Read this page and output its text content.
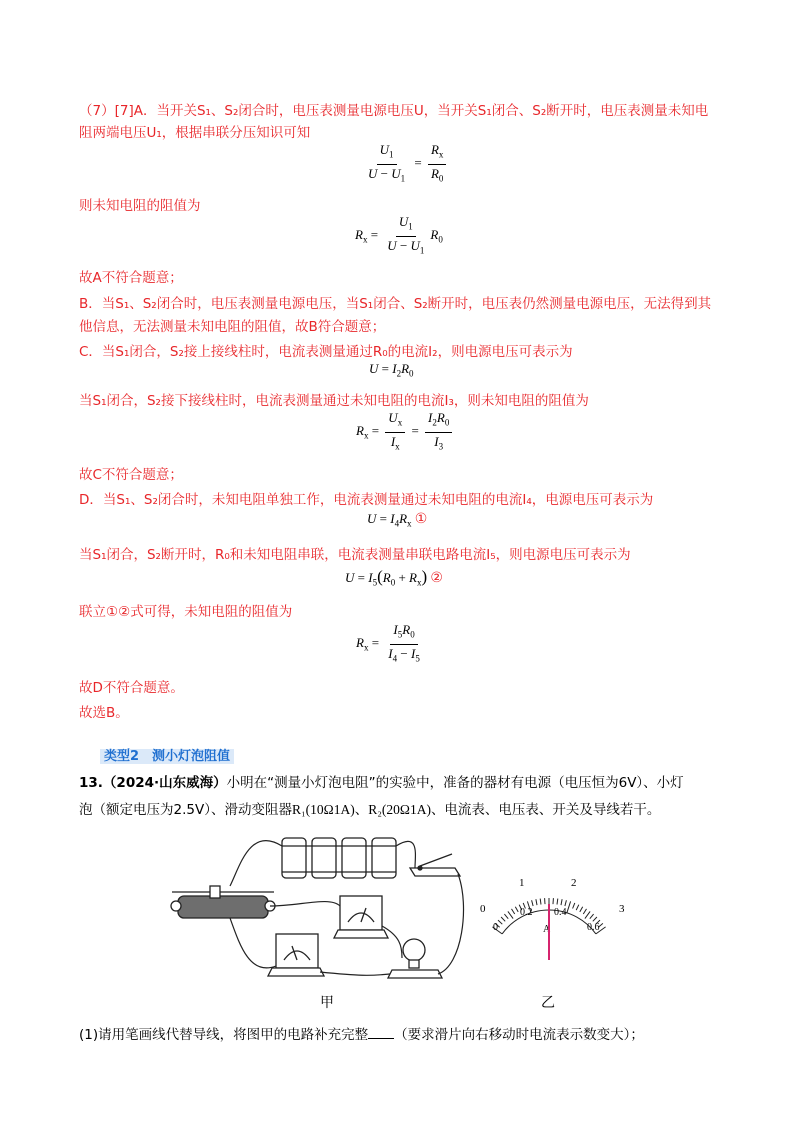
（7）[7]A．当开关S₁、S₂闭合时，电压表测量电源电压U，当开关S₁闭合、S₂断开时，电压表测量未知电
阻两端电压U₁，根据串联分压知识可知
$\frac{U_1}{U - U_1} = \frac{R_x}{R_0}$
则未知电阻的阻值为
$R_x = \frac{U_1}{U - U_1} R_0$
故A不符合题意；
B．当S₁、S₂闭合时，电压表测量电源电压，当S₁闭合、S₂断开时，电压表仍然测量电源电压，无法得到其
他信息，无法测量未知电阻的阻值，故B符合题意；
C．当S₁闭合，S₂接上接线柱时，电流表测量通过R₀的电流I₂，则电源电压可表示为
$U = I_2R_0$
当S₁闭合，S₂接下接线柱时，电流表测量通过未知电阻的电流I₃，则未知电阻的阻值为
$R_x = \frac{U_x}{I_x} = \frac{I_2R_0}{I_3}$
故C不符合题意；
D．当S₁、S₂闭合时，未知电阻单独工作，电流表测量通过未知电阻的电流I₄，电源电压可表示为
$U = I_4R_x$ ①
当S₁闭合，S₂断开时，R₀和未知电阻串联，电流表测量串联电路电流I₅，则电源电压可表示为
$U = I_5(R_0 + R_x)$ ②
联立①②式可得，未知电阻的阻值为
$R_x = \frac{I_5R_0}{I_4 - I_5}$
故D不符合题意。
故选B。
类型2　测小灯泡阻值
13.（2024·山东威海）小明在“测量小灯泡电阻”的实验中，准备的器材有电源（电压恒为6V）、小灯
泡（额定电压为2.5V）、滑动变阻器R₁(10Ω1A)、R₂(20Ω1A)、电流表、电压表、开关及导线若干。
0
1	2
3
0
0.2 0.4
0.6
A
甲	乙
(1)请用笔画线代替导线，将图甲的电路补充完整 （要求滑片向右移动时电流表示数变大）；
